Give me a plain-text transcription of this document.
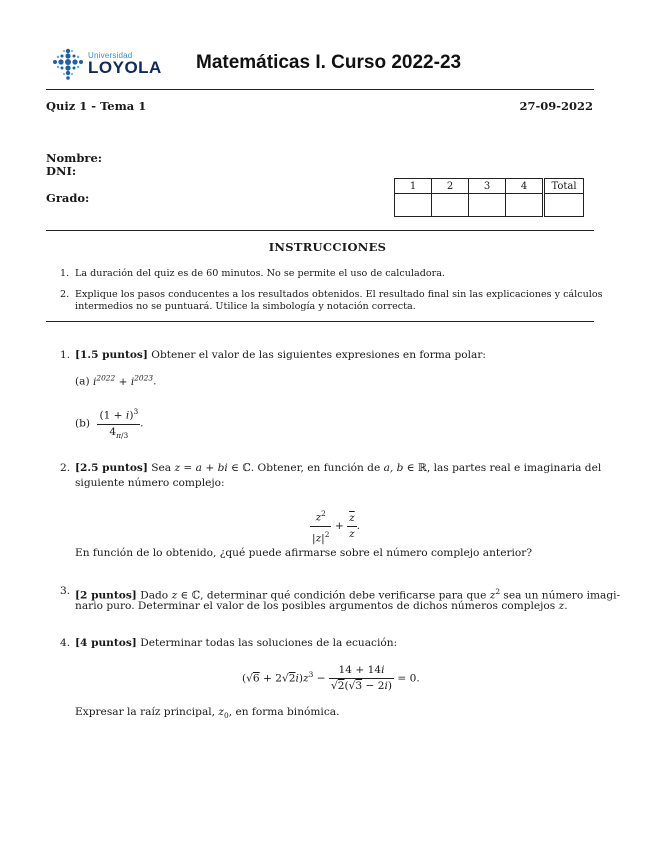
Universidad
LOYOLA Matemáticas I. Curso 2022-23
Quiz 1 - Tema 1	27-09-2022
Nombre:
DNI:
Grado:
1	2	3	4	Total

INSTRUCCIONES
1. La duración del quiz es de 60 minutos. No se permite el uso de calculadora.
2. Explique los pasos conducentes a los resultados obtenidos. El resultado final sin las explicaciones y cálculos
intermedios no se puntuará. Utilice la simbología y notación correcta.
1. [1.5 puntos] Obtener el valor de las siguientes expresiones en forma polar:
(a) $i^{2022} + i^{2023}$.
$(b) \frac{(1 + i)^3}{4_{\pi/3}}$ .
2. [2.5 puntos] Sea z = a + bi ∈ ℂ. Obtener, en función de a, b ∈ ℝ, las partes real e imaginaria del
siguiente número complejo:
$\frac{z^2}{|z|^2} + \frac{\overline{z}}{z}$ .
En función de lo obtenido, ¿qué puede afirmarse sobre el número complejo anterior?
3. [2 puntos] Dado z ∈ ℂ, determinar qué condición debe verificarse para que $z^2$ sea un número imagi-
nario puro. Determinar el valor de los posibles argumentos de dichos números complejos z.
4. [4 puntos] Determinar todas las soluciones de la ecuación:
$(√6 + 2√2i)z^3 - \frac{14 + 14i}{√2(√3 - 2i)} = 0$.
Expresar la raíz principal, $z_0$, en forma binómica.
